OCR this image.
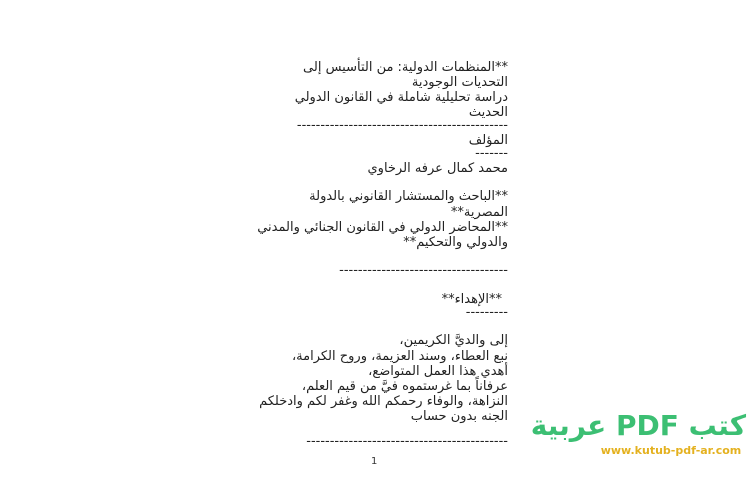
**المنظمات الدولية: من التأسيس إلى
التحديات الوجودية
دراسة تحليلية شاملة في القانون الدولي
الحديث
---------------------------------------------
المؤلف
-------
محمد كمال عرفه الرخاوي
**الباحث والمستشار القانوني بالدولة
المصرية**
**المحاضر الدولي في القانون الجنائي والمدني
والدولي والتحكيم**
------------------------------------
**الإهداء**
---------
إلى والديَّ الكريمين،
نبع العطاء، وسند العزيمة، وروح الكرامة،
أهدي هذا العمل المتواضع،
عرفاناً بما غرستموه فيَّ من قيم العلم،
النزاهة، والوفاء رحمكم الله وغفر لكم وادخلكم
الجنه بدون حساب
-------------------------------------------
1
كتب PDF عربية
www.kutub-pdf-ar.com
